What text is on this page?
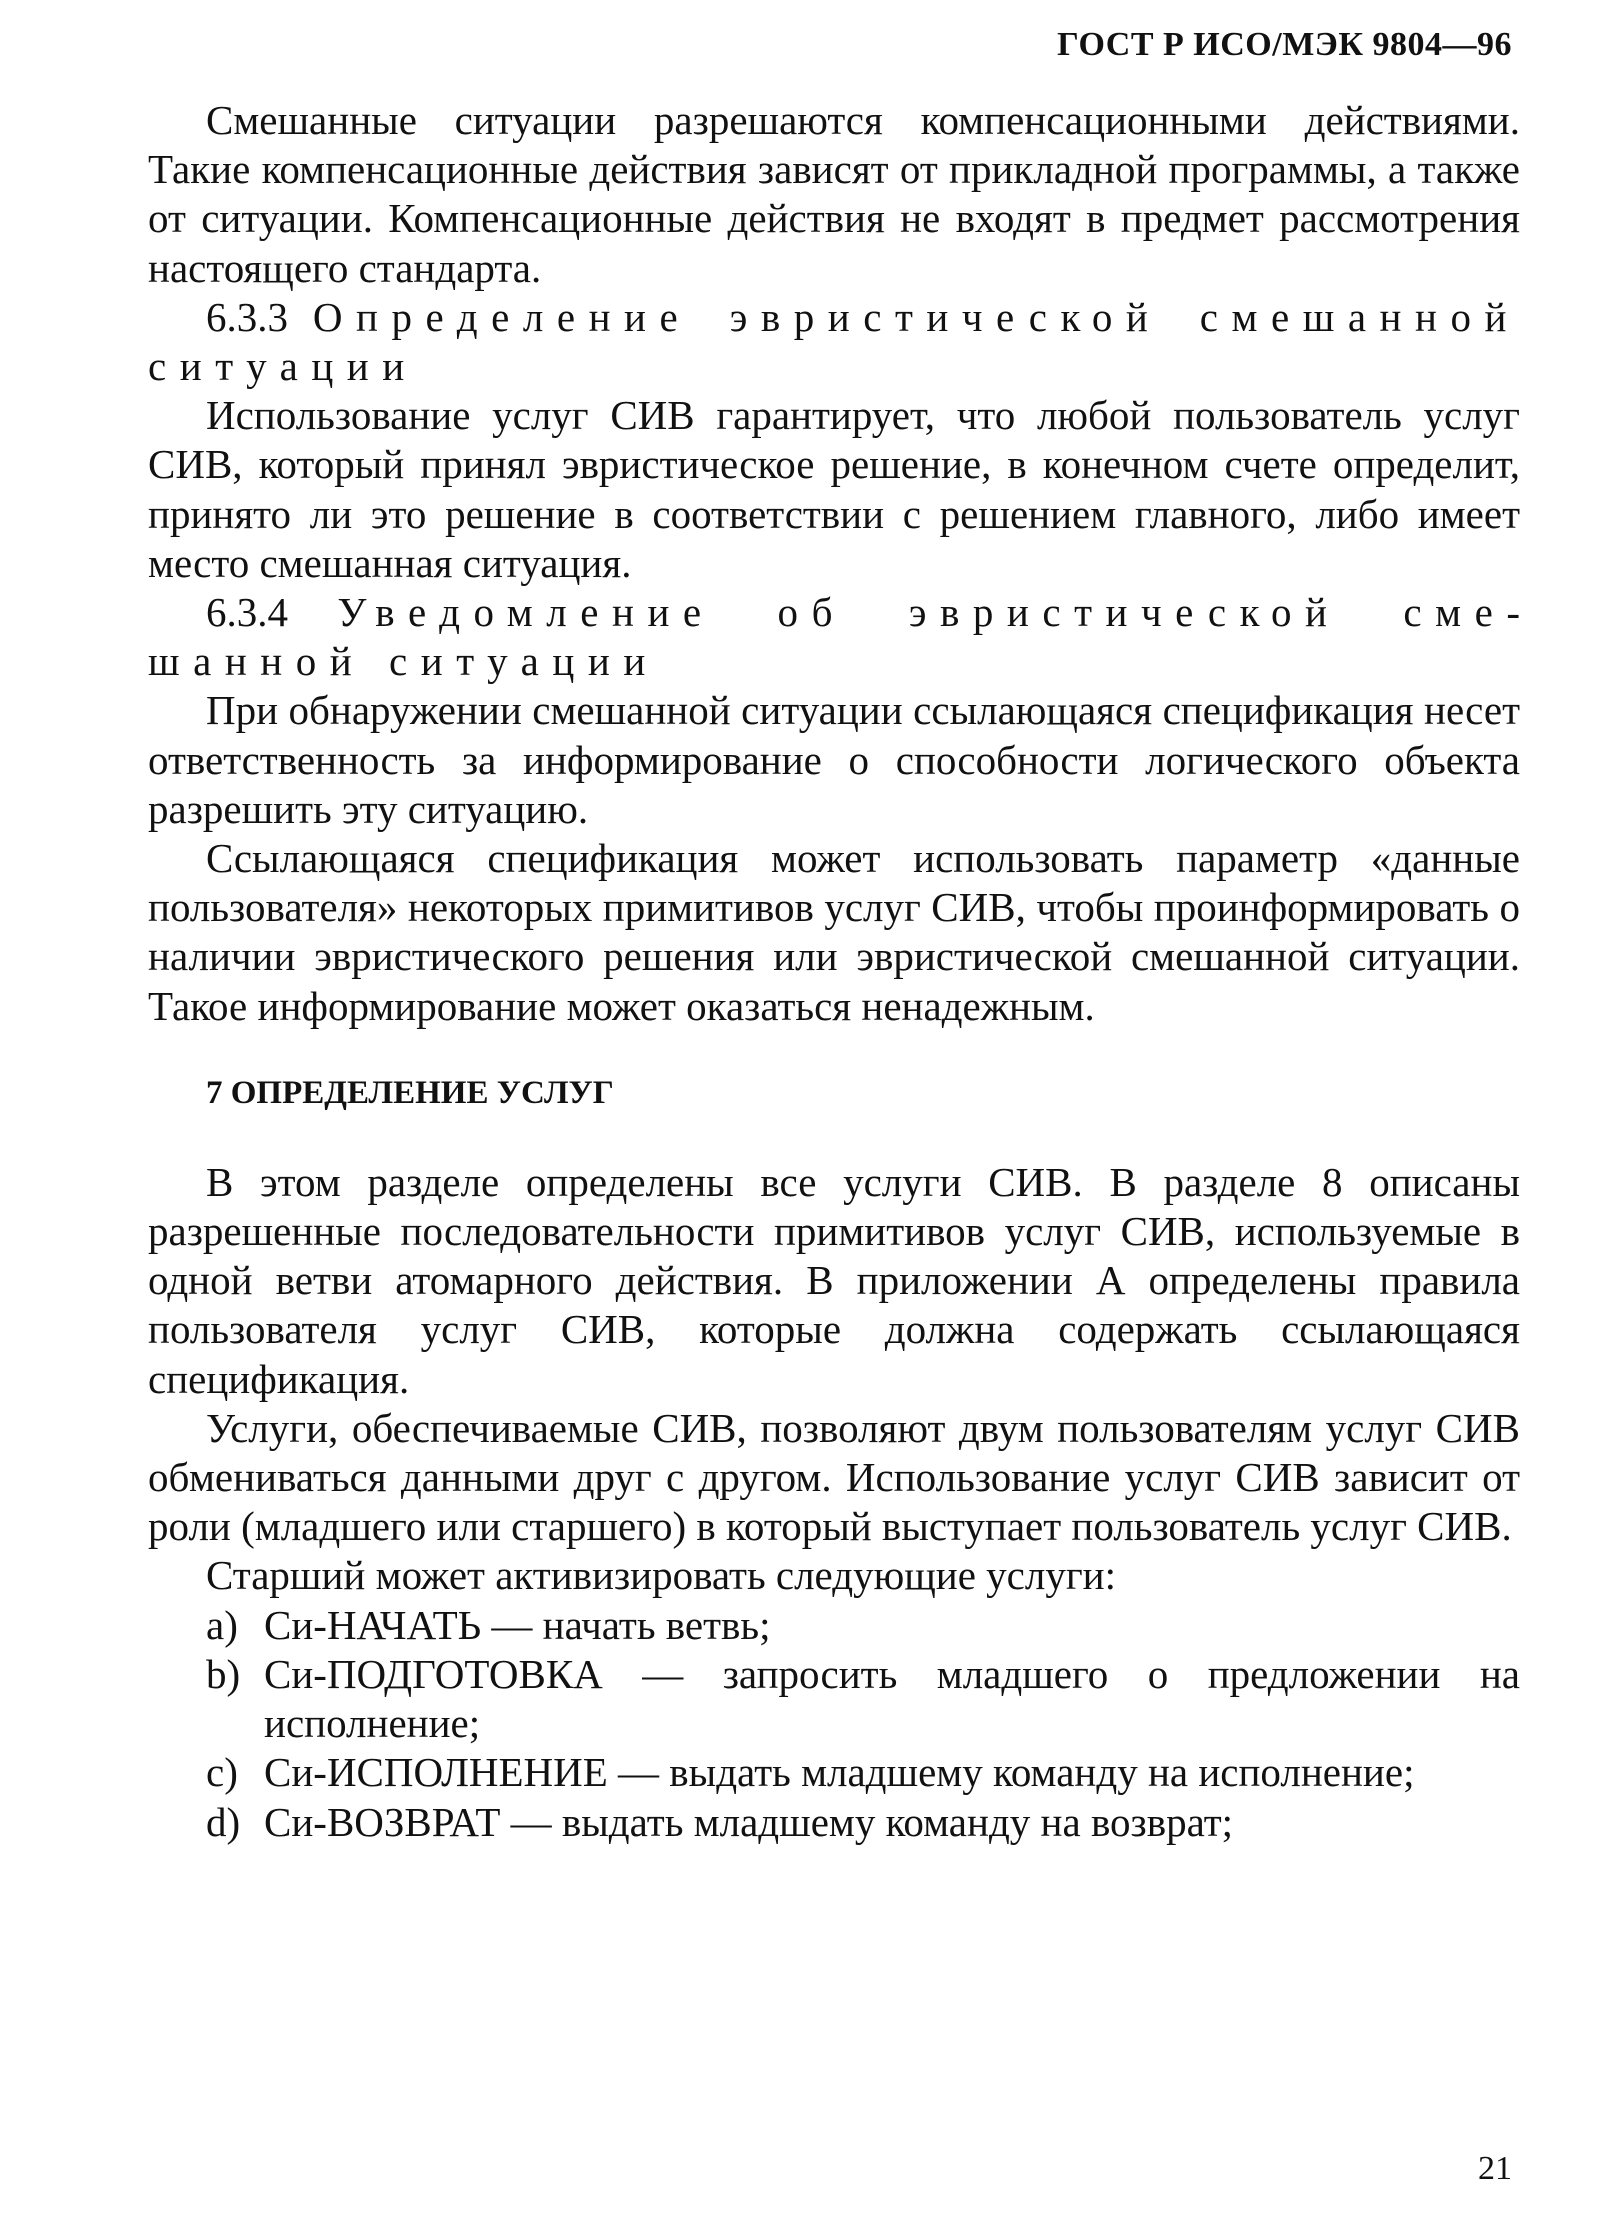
ГОСТ Р ИСО/МЭК 9804—96

Смешанные ситуации разрешаются компенсационными действиями. Такие компенсационные действия зависят от прикладной программы, а также от ситуации. Компенсационные действия не входят в предмет рассмотрения настоящего стандарта.

6.3.3 Определение эвристической смешанной ситуации

Использование услуг СИВ гарантирует, что любой пользователь услуг СИВ, который принял эвристическое решение, в конечном счете определит, принято ли это решение в соответствии с решением главного, либо имеет место смешанная ситуация.

6.3.4 Уведомление об эвристической смешанной ситуации

При обнаружении смешанной ситуации ссылающаяся спецификация несет ответственность за информирование о способности логического объекта разрешить эту ситуацию.

Ссылающаяся спецификация может использовать параметр «данные пользователя» некоторых примитивов услуг СИВ, чтобы проинформировать о наличии эвристического решения или эвристической смешанной ситуации. Такое информирование может оказаться ненадежным.

7 ОПРЕДЕЛЕНИЕ УСЛУГ

В этом разделе определены все услуги СИВ. В разделе 8 описаны разрешенные последовательности примитивов услуг СИВ, используемые в одной ветви атомарного действия. В приложении А определены правила пользователя услуг СИВ, которые должна содержать ссылающаяся спецификация.

Услуги, обеспечиваемые СИВ, позволяют двум пользователям услуг СИВ обмениваться данными друг с другом. Использование услуг СИВ зависит от роли (младшего или старшего) в который выступает пользователь услуг СИВ.

Старший может активизировать следующие услуги:

а) Си-НАЧАТЬ — начать ветвь;
b) Си-ПОДГОТОВКА — запросить младшего о предложении на исполнение;
с) Си-ИСПОЛНЕНИЕ — выдать младшему команду на исполнение;
d) Си-ВОЗВРАТ — выдать младшему команду на возврат;
21
